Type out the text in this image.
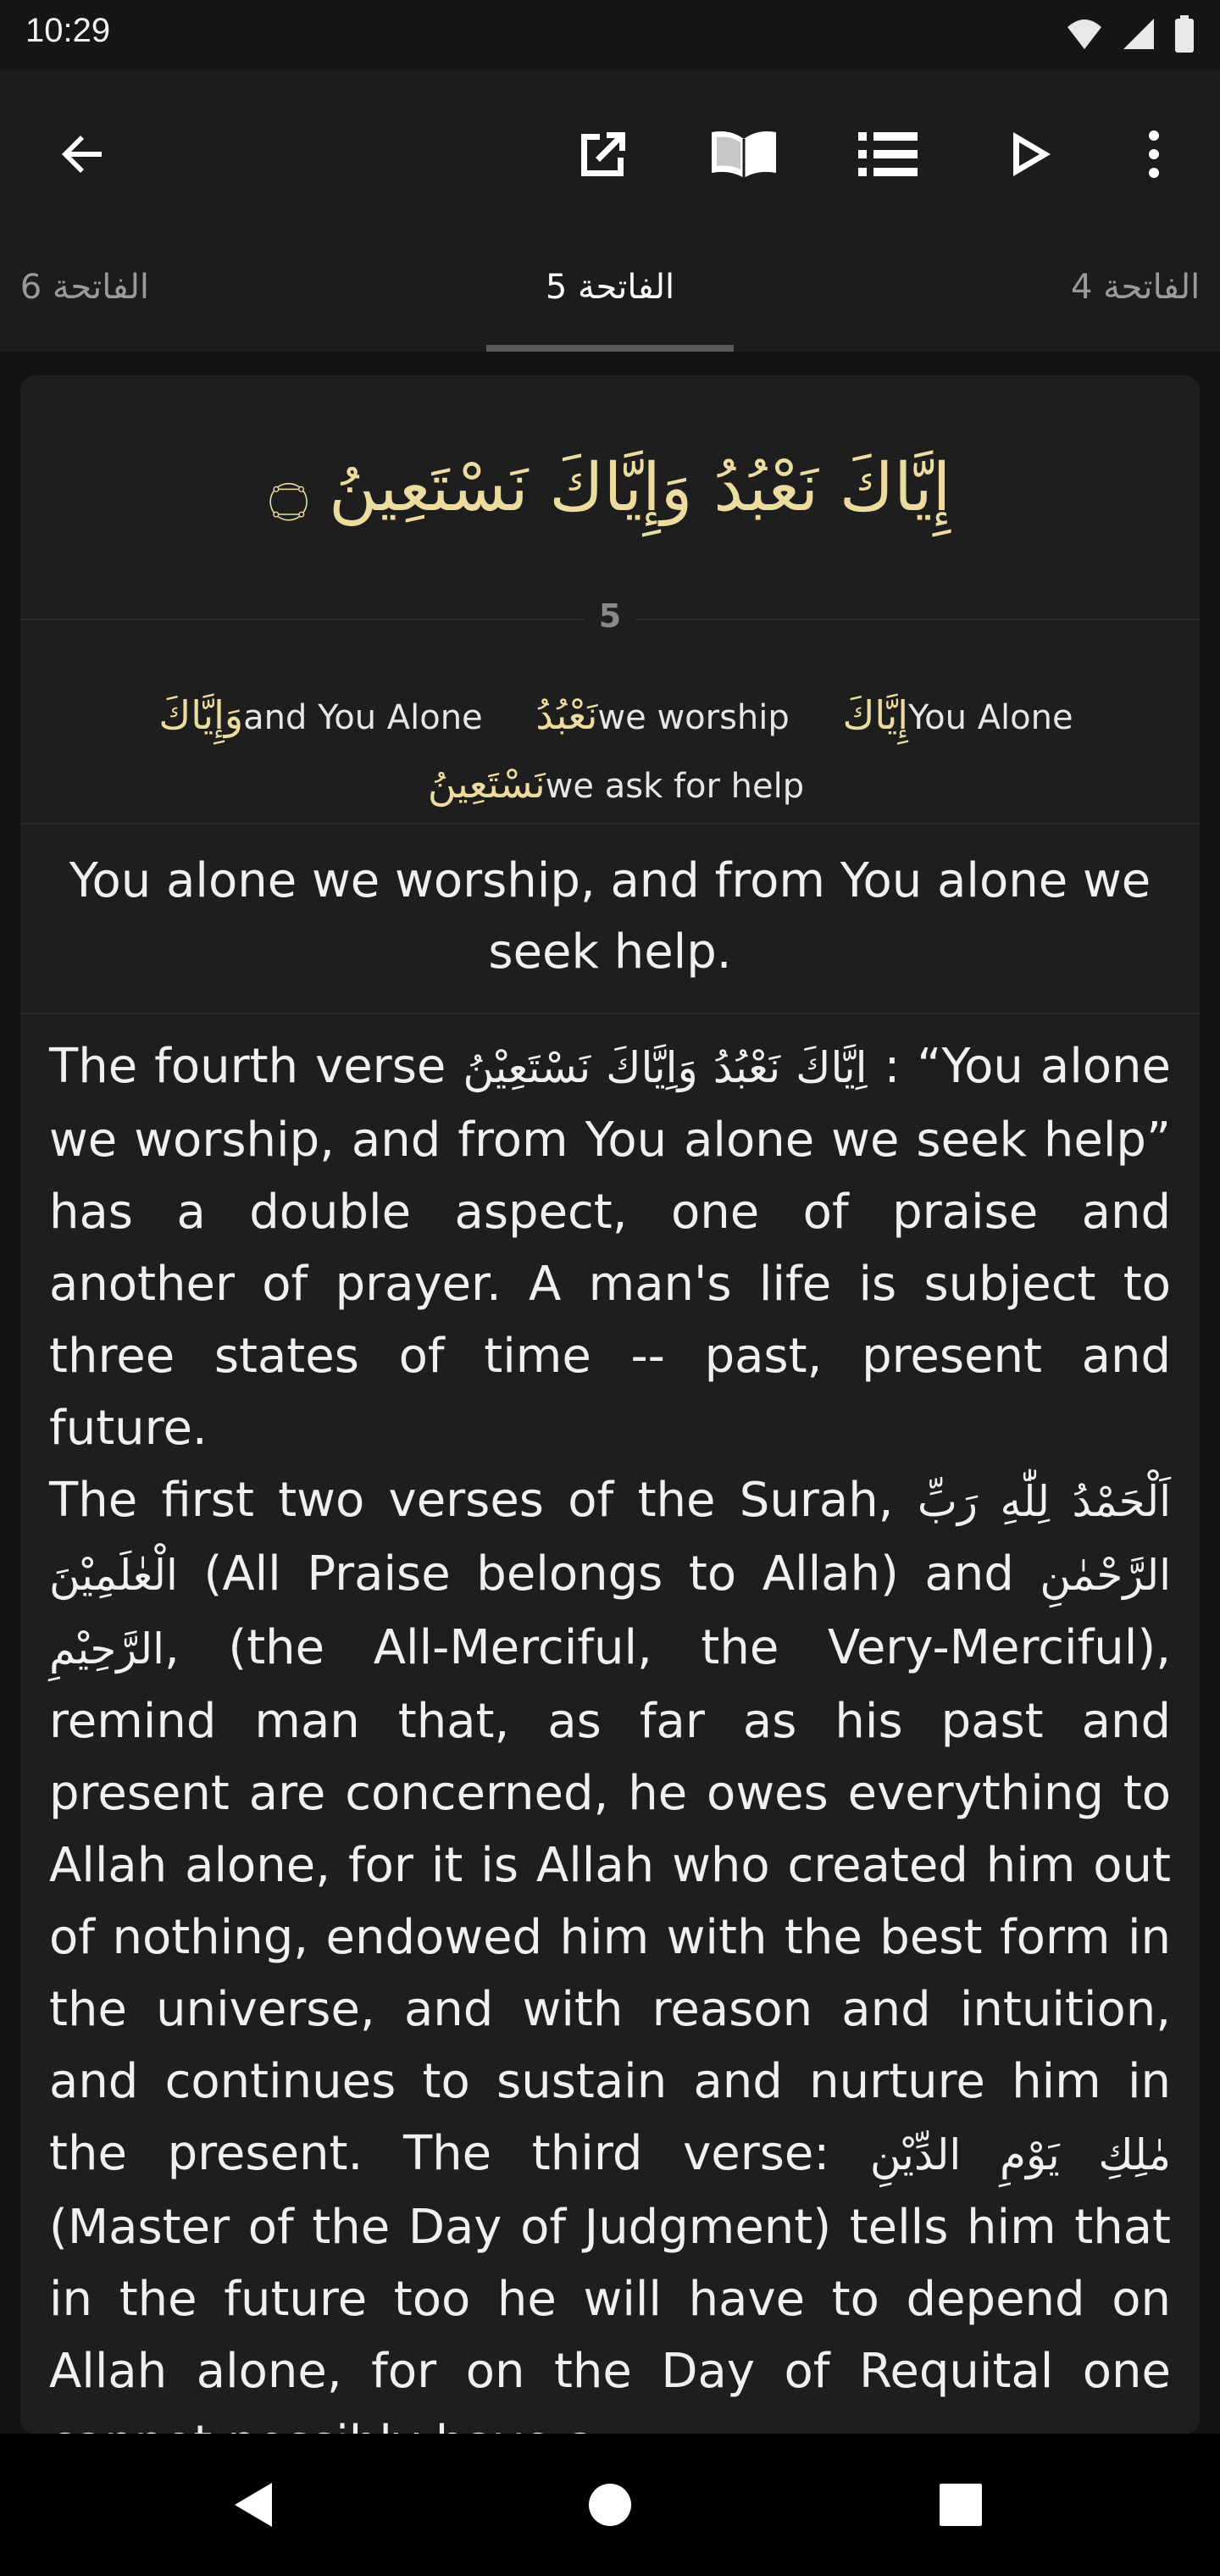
10:29
الفاتحة 6	الفاتحة 5	الفاتحة 4
إِيَّاكَ نَعْبُدُ وَإِيَّاكَ نَسْتَعِينُ ۝
5
إِيَّاكَYou Alone نَعْبُدُwe worship وَإِيَّاكَand You Alone نَسْتَعِينُwe ask for help
You alone we worship, and from You alone we seek help.

The fourth verse اِيَّاكَ نَعْبُدُ وَاِيَّاكَ نَسْتَعِيْنُ : “You alone we worship, and from You alone we seek help” has a double aspect, one of praise and another of prayer. A man's life is subject to three states of time -- past, present and future.

The first two verses of the Surah, اَلْحَمْدُ لِلّٰهِ رَبِّ الْعٰلَمِيْنَ (All Praise belongs to Allah) and الرَّحْمٰنِ الرَّحِيْمِ, (the All-Merciful, the Very-Merciful), remind man that, as far as his past and present are concerned, he owes everything to Allah alone, for it is Allah who created him out of nothing, endowed him with the best form in the universe, and with reason and intuition, and continues to sustain and nurture him in the present. The third verse: مٰلِكِ يَوْمِ الدِّيْنِ (Master of the Day of Judgment) tells him that in the future too he will have to depend on Allah alone, for on the Day of Requital one
